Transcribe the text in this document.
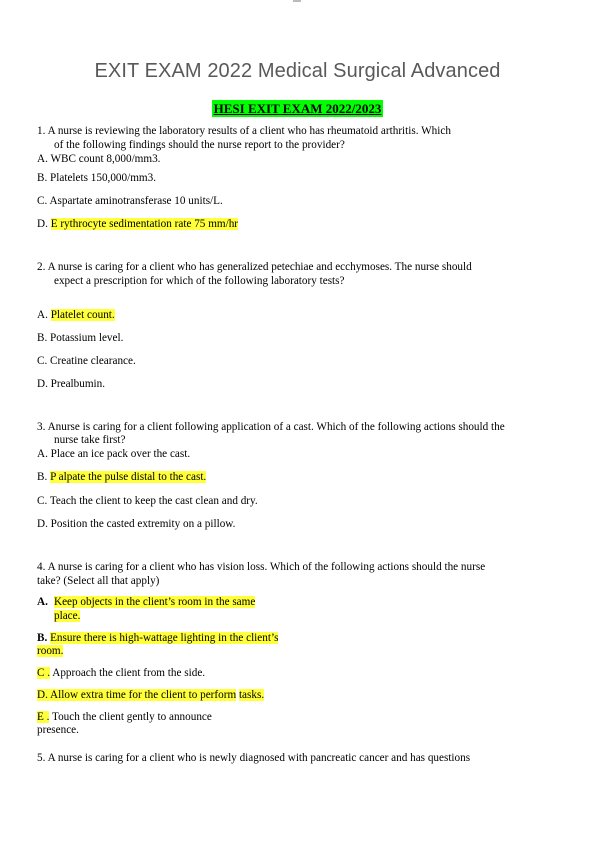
EXIT EXAM 2022 Medical Surgical Advanced
HESI EXIT EXAM 2022/2023
1. A nurse is reviewing the laboratory results of a client who has rheumatoid arthritis. Which
of the following findings should the nurse report to the provider?
A. WBC count 8,000/mm3.
B. Platelets 150,000/mm3.
C. Aspartate aminotransferase 10 units/L.
D. E rythrocyte sedimentation rate 75 mm/hr
2. A nurse is caring for a client who has generalized petechiae and ecchymoses. The nurse should
expect a prescription for which of the following laboratory tests?
A. Platelet count.
B. Potassium level.
C. Creatine clearance.
D. Prealbumin.
3. Anurse is caring for a client following application of a cast. Which of the following actions should the
nurse take first?
A. Place an ice pack over the cast.
B. P alpate the pulse distal to the cast.
C. Teach the client to keep the cast clean and dry.
D. Position the casted extremity on a pillow.
4. A nurse is caring for a client who has vision loss. Which of the following actions should the nurse
take? (Select all that apply)
A. Keep objects in the client’s room in the same
place.
B. Ensure there is high-wattage lighting in the client’s
room.
C . Approach the client from the side.
D. Allow extra time for the client to perform tasks.
E . Touch the client gently to announce
presence.
5. A nurse is caring for a client who is newly diagnosed with pancreatic cancer and has questions
